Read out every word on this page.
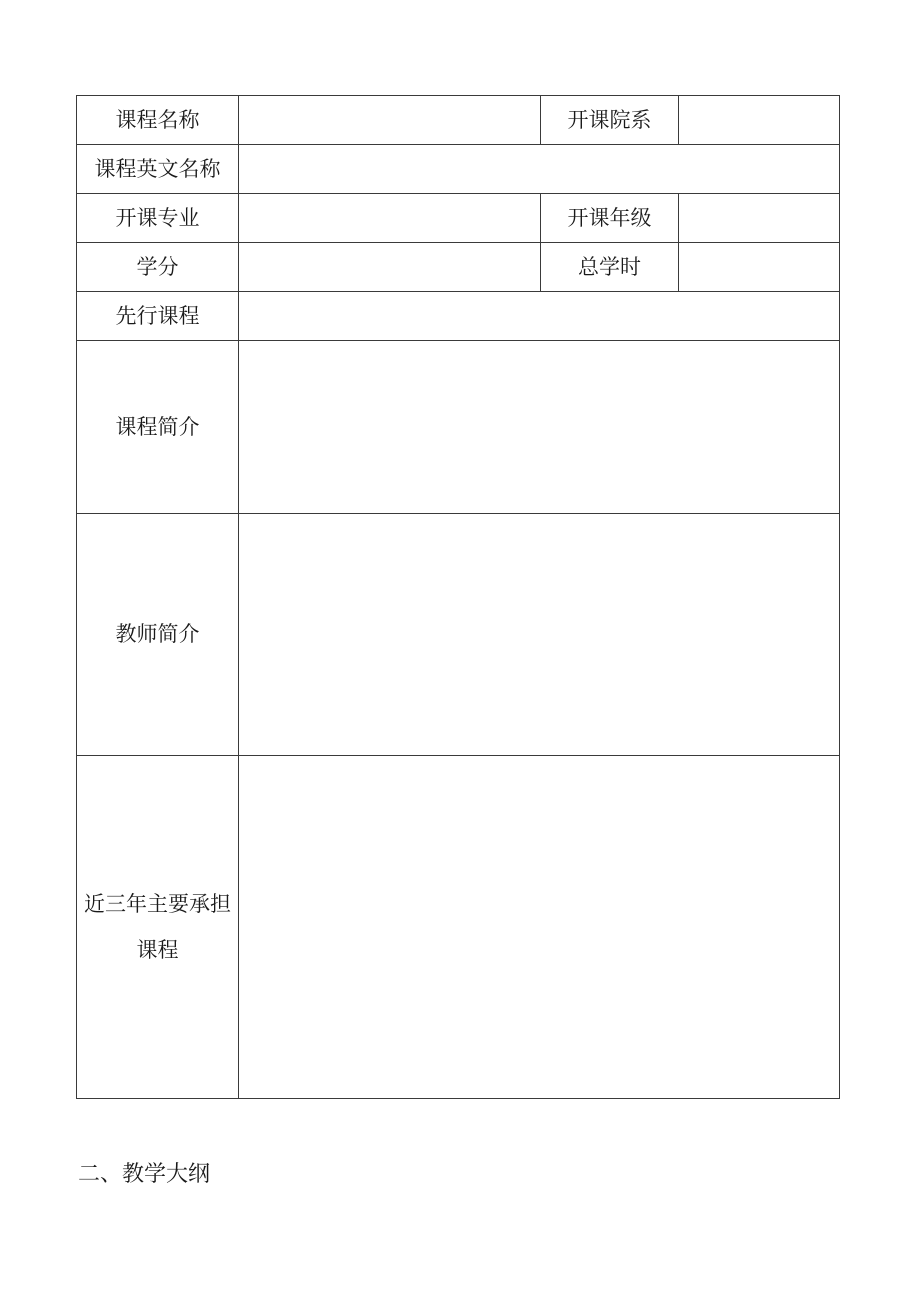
课程名称		开课院系	
课程英文名称			
开课专业		开课年级	
学分		总学时	
先行课程			
课程简介			
教师简介			
近三年主要承担课程			
二、教学大纲
